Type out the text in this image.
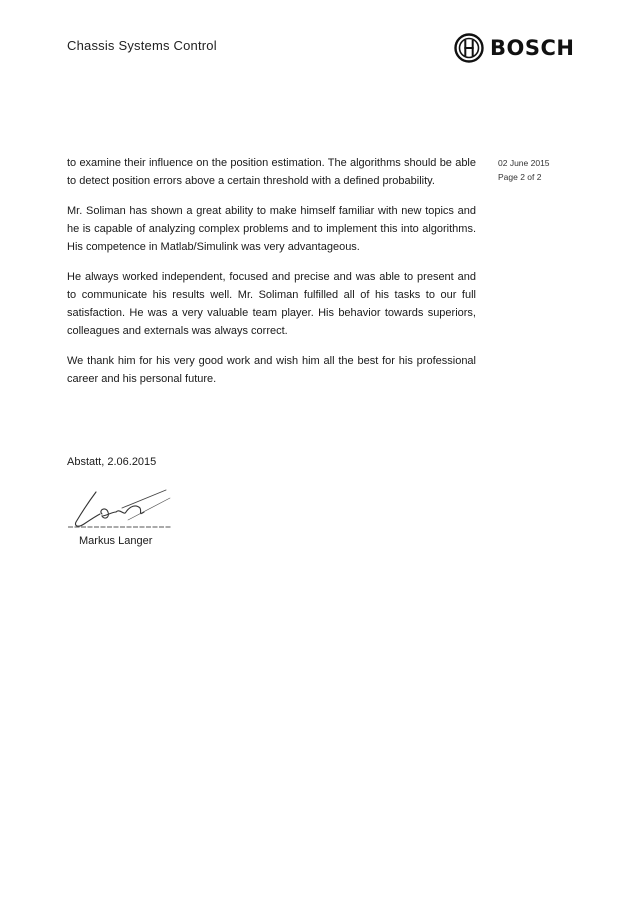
Chassis Systems Control	BOSCH
02 June 2015
Page 2 of 2

to examine their influence on the position estimation. The algorithms should be able to detect position errors above a certain threshold with a defined probability.

Mr. Soliman has shown a great ability to make himself familiar with new topics and he is capable of analyzing complex problems and to implement this into algorithms. His competence in Matlab/Simulink was very advantageous.

He always worked independent, focused and precise and was able to present and to communicate his results well. Mr. Soliman fulfilled all of his tasks to our full satisfaction. He was a very valuable team player. His behavior towards superiors, colleagues and externals was always correct.

We thank him for his very good work and wish him all the best for his professional career and his personal future.

Abstatt, 2.06.2015
Markus Langer
